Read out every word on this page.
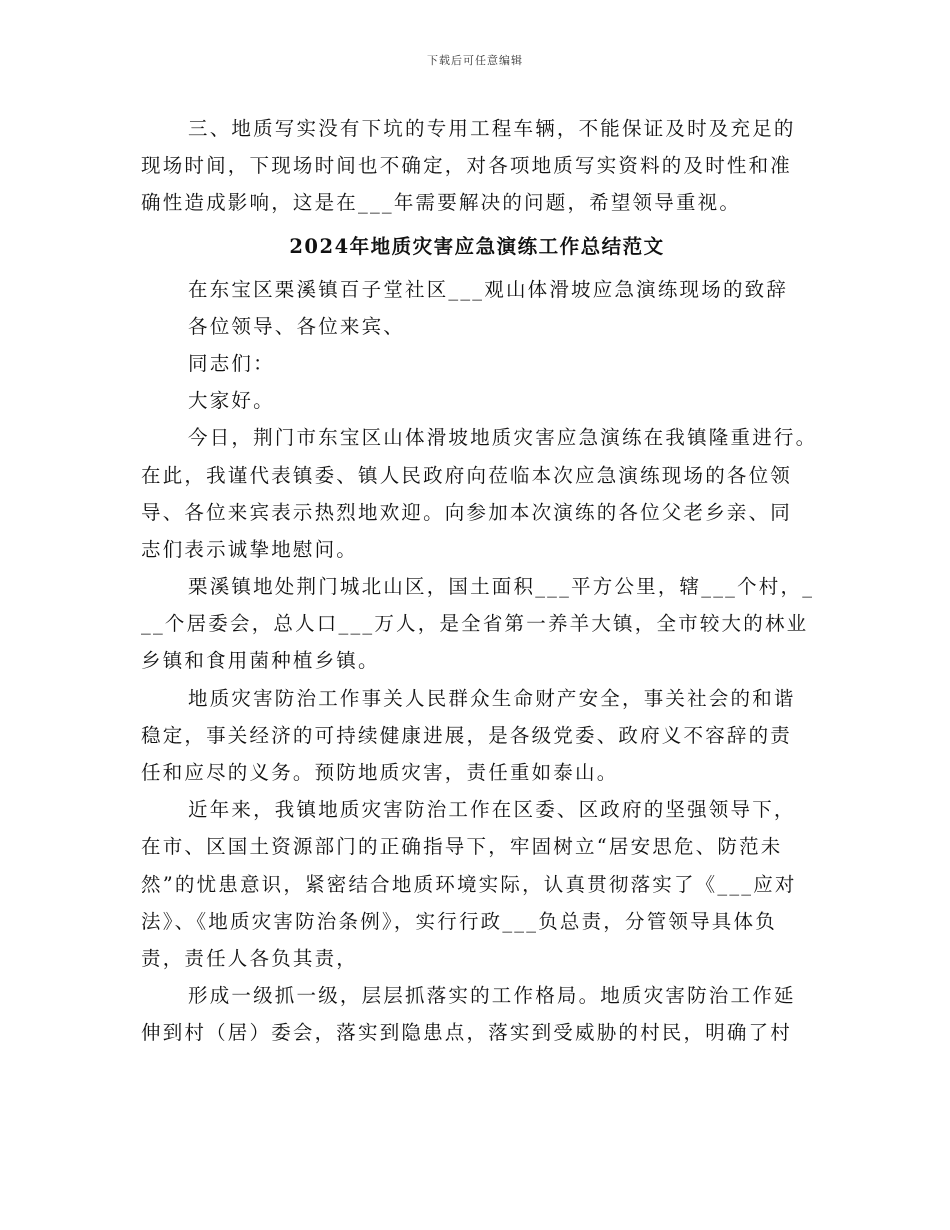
下载后可任意编辑
三、地质写实没有下坑的专用工程车辆，不能保证及时及充足的
现场时间，下现场时间也不确定，对各项地质写实资料的及时性和准
确性造成影响，这是在___年需要解决的问题，希望领导重视。
2024年地质灾害应急演练工作总结范文
在东宝区栗溪镇百子堂社区___观山体滑坡应急演练现场的致辞
各位领导、各位来宾、
同志们：
大家好。
今日，荆门市东宝区山体滑坡地质灾害应急演练在我镇隆重进行。
在此，我谨代表镇委、镇人民政府向莅临本次应急演练现场的各位领
导、各位来宾表示热烈地欢迎。向参加本次演练的各位父老乡亲、同
志们表示诚挚地慰问。
栗溪镇地处荆门城北山区，国土面积___平方公里，辖___个村，_
__个居委会，总人口___万人，是全省第一养羊大镇，全市较大的林业
乡镇和食用菌种植乡镇。
地质灾害防治工作事关人民群众生命财产安全，事关社会的和谐
稳定，事关经济的可持续健康进展，是各级党委、政府义不容辞的责
任和应尽的义务。预防地质灾害，责任重如泰山。
近年来，我镇地质灾害防治工作在区委、区政府的坚强领导下，
在市、区国土资源部门的正确指导下，牢固树立“居安思危、防范未
然”的忧患意识，紧密结合地质环境实际，认真贯彻落实了《___应对
法》、《地质灾害防治条例》，实行行政___负总责，分管领导具体负
责，责任人各负其责，
形成一级抓一级，层层抓落实的工作格局。地质灾害防治工作延
伸到村（居）委会，落实到隐患点，落实到受威胁的村民，明确了村
